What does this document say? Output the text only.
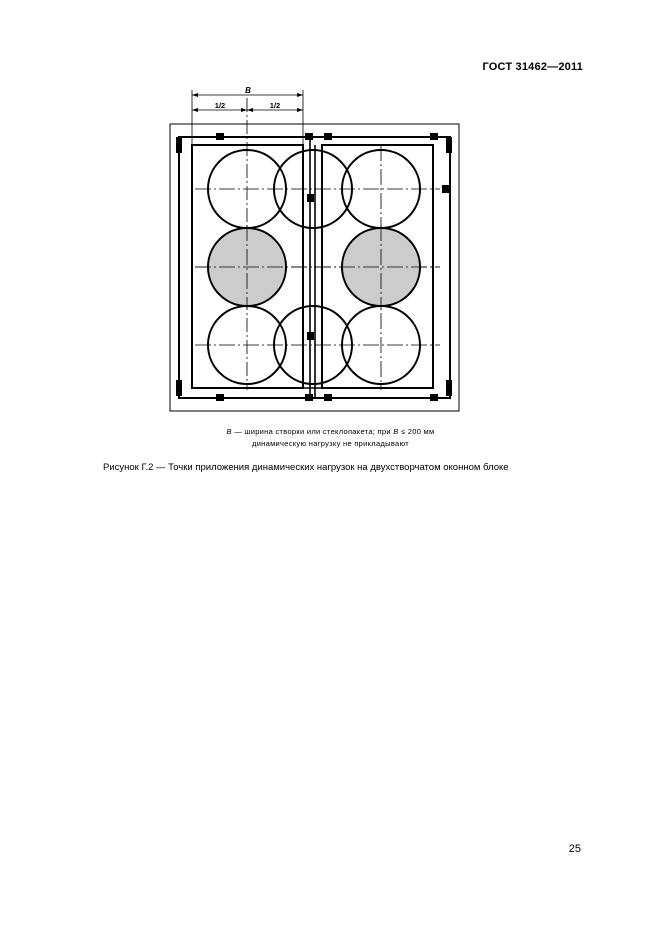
ГОСТ 31462—2011
B
1/2	1/2
B — ширина створки или стеклопакета; при B ≤ 200 мм
динамическую нагрузку не прикладывают
Рисунок Г.2 — Точки приложения динамических нагрузок на двухстворчатом оконном блоке
25
